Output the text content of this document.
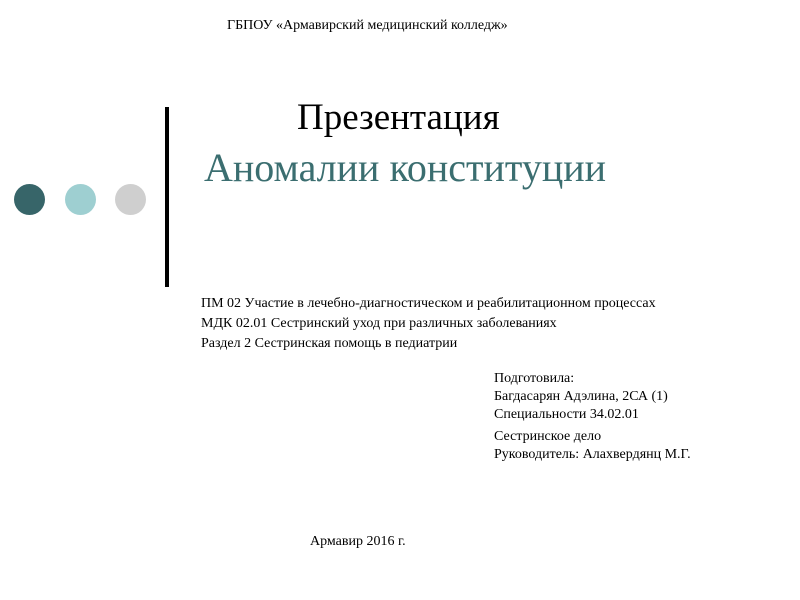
ГБПОУ «Армавирский медицинский колледж»
Презентация
Аномалии конституции
ПМ 02 Участие в лечебно-диагностическом и реабилитационном процессах
МДК 02.01 Сестринский уход при различных заболеваниях
Раздел 2 Сестринская помощь в педиатрии
Подготовила:
Багдасарян Адэлина, 2СА (1)
Специальности 34.02.01
Сестринское дело
Руководитель: Алахвердянц М.Г.
Армавир 2016 г.
